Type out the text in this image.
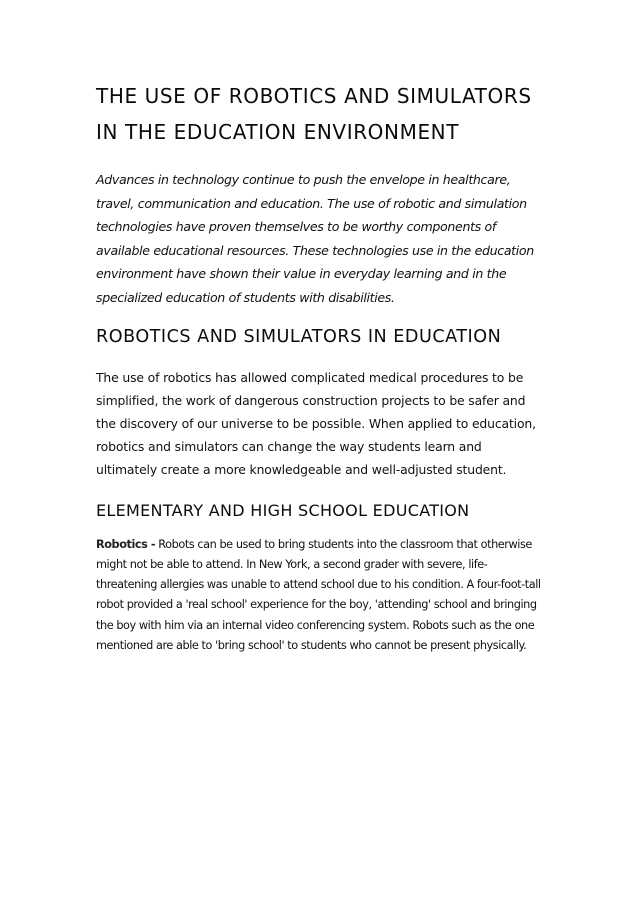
THE USE OF ROBOTICS AND SIMULATORS IN THE EDUCATION ENVIRONMENT

Advances in technology continue to push the envelope in healthcare, travel, communication and education. The use of robotic and simulation technologies have proven themselves to be worthy components of available educational resources. These technologies use in the education environment have shown their value in everyday learning and in the specialized education of students with disabilities.

ROBOTICS AND SIMULATORS IN EDUCATION

The use of robotics has allowed complicated medical procedures to be simplified, the work of dangerous construction projects to be safer and the discovery of our universe to be possible. When applied to education, robotics and simulators can change the way students learn and ultimately create a more knowledgeable and well-adjusted student.

ELEMENTARY AND HIGH SCHOOL EDUCATION

Robotics - Robots can be used to bring students into the classroom that otherwise might not be able to attend. In New York, a second grader with severe, life-threatening allergies was unable to attend school due to his condition. A four-foot-tall robot provided a 'real school' experience for the boy, 'attending' school and bringing the boy with him via an internal video conferencing system. Robots such as the one mentioned are able to 'bring school' to students who cannot be present physically.
